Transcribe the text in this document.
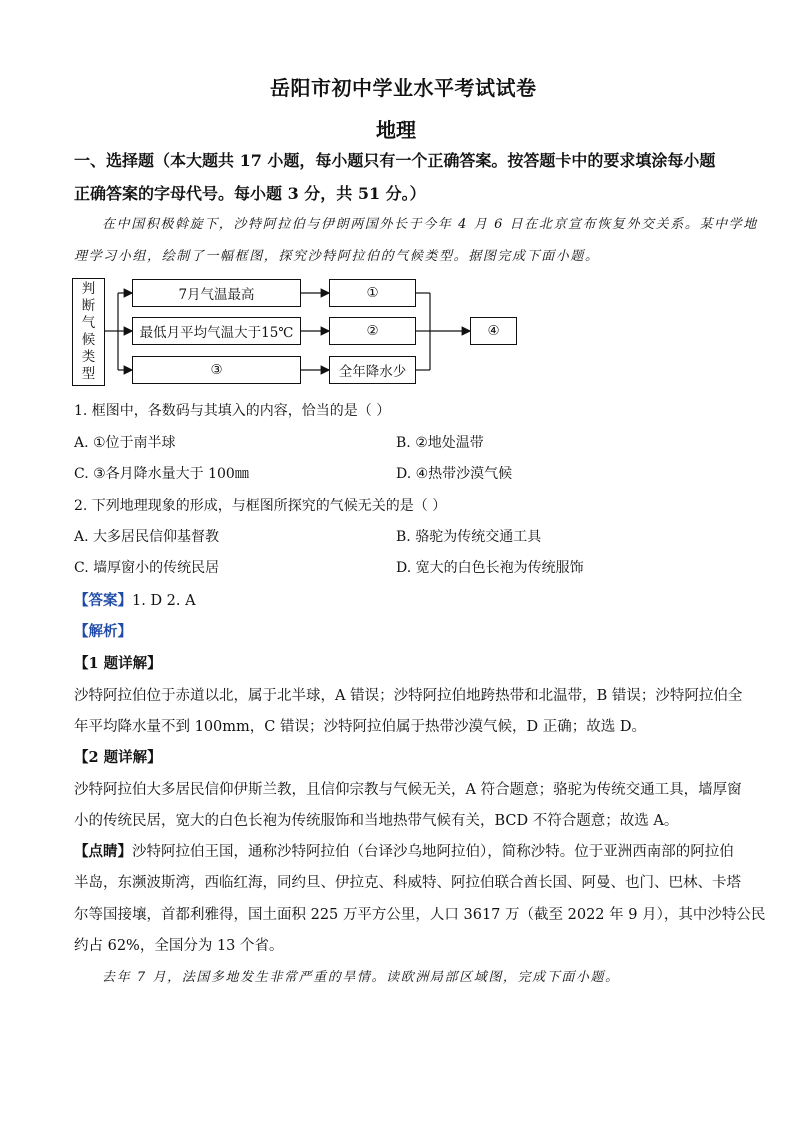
岳阳市初中学业水平考试试卷
地理
一、选择题（本大题共 17 小题，每小题只有一个正确答案。按答题卡中的要求填涂每小题
正确答案的字母代号。每小题 3 分，共 51 分。）
在中国积极斡旋下，沙特阿拉伯与伊朗两国外长于今年 4 月 6 日在北京宣布恢复外交关系。某中学地
理学习小组，绘制了一幅框图，探究沙特阿拉伯的气候类型。据图完成下面小题。
判
断
气
候
类
型
7月气温最高	①
最低月平均气温大于15℃	②
③	全年降水少
④
1. 框图中，各数码与其填入的内容，恰当的是（ ）
A. ①位于南半球	B. ②地处温带
C. ③各月降水量大于 100㎜	D. ④热带沙漠气候
2. 下列地理现象的形成，与框图所探究的气候无关的是（ ）
A. 大多居民信仰基督教	B. 骆驼为传统交通工具
C. 墙厚窗小的传统民居	D. 宽大的白色长袍为传统服饰
【答案】1. D 2. A
【解析】
【1 题详解】
沙特阿拉伯位于赤道以北，属于北半球，A 错误；沙特阿拉伯地跨热带和北温带，B 错误；沙特阿拉伯全
年平均降水量不到 100mm，C 错误；沙特阿拉伯属于热带沙漠气候，D 正确；故选 D。
【2 题详解】
沙特阿拉伯大多居民信仰伊斯兰教，且信仰宗教与气候无关，A 符合题意；骆驼为传统交通工具，墙厚窗
小的传统民居，宽大的白色长袍为传统服饰和当地热带气候有关，BCD 不符合题意；故选 A。
【点睛】沙特阿拉伯王国，通称沙特阿拉伯（台译沙乌地阿拉伯），简称沙特。位于亚洲西南部的阿拉伯
半岛，东濒波斯湾，西临红海，同约旦、伊拉克、科威特、阿拉伯联合酋长国、阿曼、也门、巴林、卡塔
尔等国接壤，首都利雅得，国土面积 225 万平方公里，人口 3617 万（截至 2022 年 9 月），其中沙特公民
约占 62%，全国分为 13 个省。
去年 7 月，法国多地发生非常严重的旱情。读欧洲局部区域图，完成下面小题。
